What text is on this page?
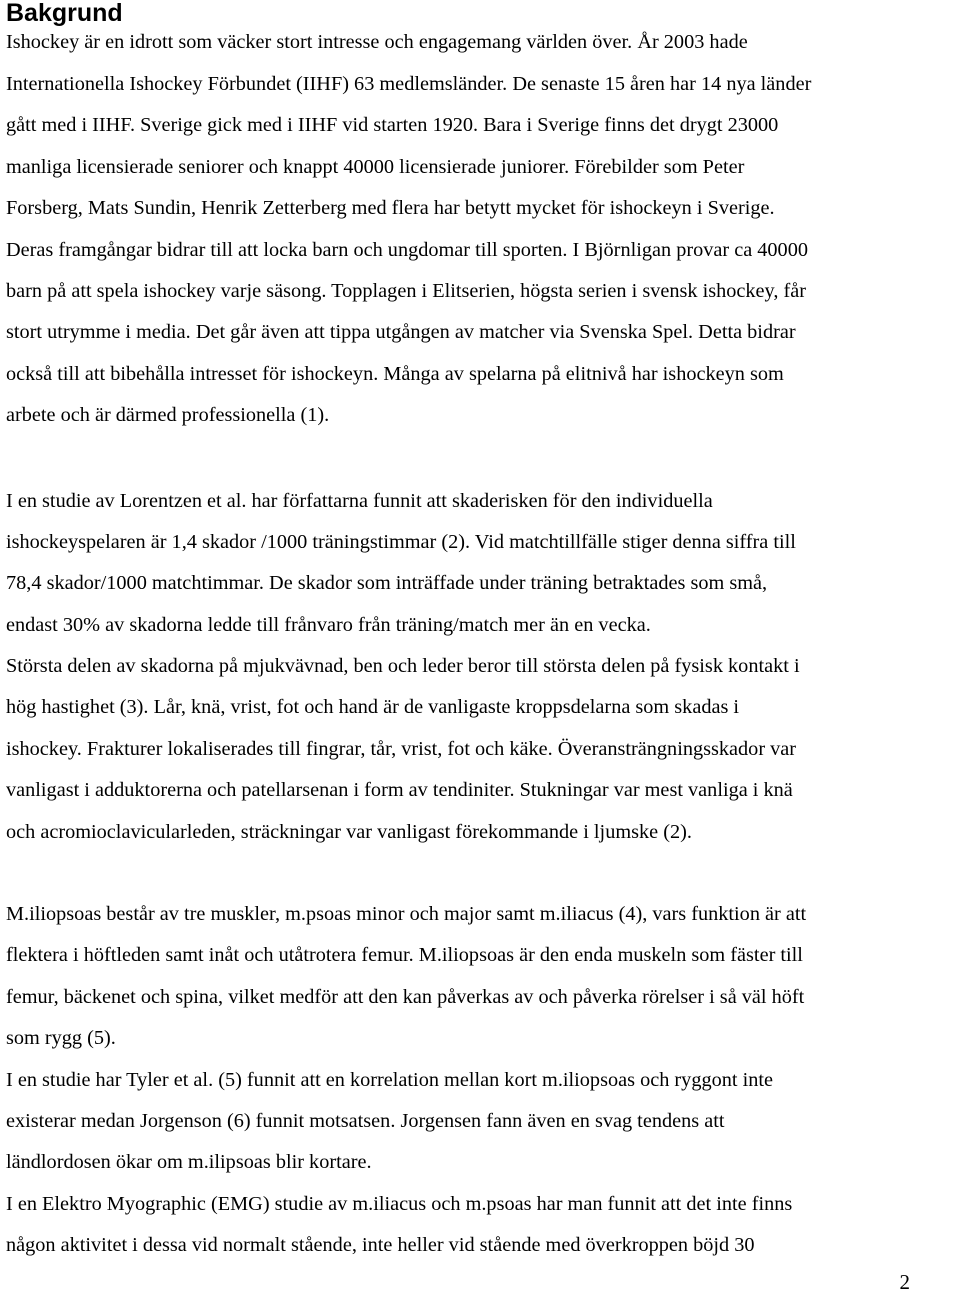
Bakgrund
Ishockey är en idrott som väcker stort intresse och engagemang världen över. År 2003 hade
Internationella Ishockey Förbundet (IIHF) 63 medlemsländer. De senaste 15 åren har 14 nya länder
gått med i IIHF. Sverige gick med i IIHF vid starten 1920. Bara i Sverige finns det drygt 23000
manliga licensierade seniorer och knappt 40000 licensierade juniorer. Förebilder som Peter
Forsberg, Mats Sundin, Henrik Zetterberg med flera har betytt mycket för ishockeyn i Sverige.
Deras framgångar bidrar till att locka barn och ungdomar till sporten. I Björnligan provar ca 40000
barn på att spela ishockey varje säsong. Topplagen i Elitserien, högsta serien i svensk ishockey, får
stort utrymme i media. Det går även att tippa utgången av matcher via Svenska Spel. Detta bidrar
också till att bibehålla intresset för ishockeyn. Många av spelarna på elitnivå har ishockeyn som
arbete och är därmed professionella (1).
I en studie av Lorentzen et al. har författarna funnit att skaderisken för den individuella
ishockeyspelaren är 1,4 skador /1000 träningstimmar (2). Vid matchtillfälle stiger denna siffra till
78,4 skador/1000 matchtimmar. De skador som inträffade under träning betraktades som små,
endast 30% av skadorna ledde till frånvaro från träning/match mer än en vecka.
Största delen av skadorna på mjukvävnad, ben och leder beror till största delen på fysisk kontakt i
hög hastighet (3). Lår, knä, vrist, fot och hand är de vanligaste kroppsdelarna som skadas i
ishockey. Frakturer lokaliserades till fingrar, tår, vrist, fot och käke. Överansträngningsskador var
vanligast i adduktorerna och patellarsenan i form av tendiniter. Stukningar var mest vanliga i knä
och acromioclavicularleden, sträckningar var vanligast förekommande i ljumske (2).
M.iliopsoas består av tre muskler, m.psoas minor och major samt m.iliacus (4), vars funktion är att
flektera i höftleden samt inåt och utåtrotera femur. M.iliopsoas är den enda muskeln som fäster till
femur, bäckenet och spina, vilket medför att den kan påverkas av och påverka rörelser i så väl höft
som rygg (5).
I en studie har Tyler et al. (5) funnit att en korrelation mellan kort m.iliopsoas och ryggont inte
existerar medan Jorgenson (6) funnit motsatsen. Jorgensen fann även en svag tendens att
ländlordosen ökar om m.ilipsoas blir kortare.
I en Elektro Myographic (EMG) studie av m.iliacus och m.psoas har man funnit att det inte finns
någon aktivitet i dessa vid normalt stående, inte heller vid stående med överkroppen böjd 30
2
